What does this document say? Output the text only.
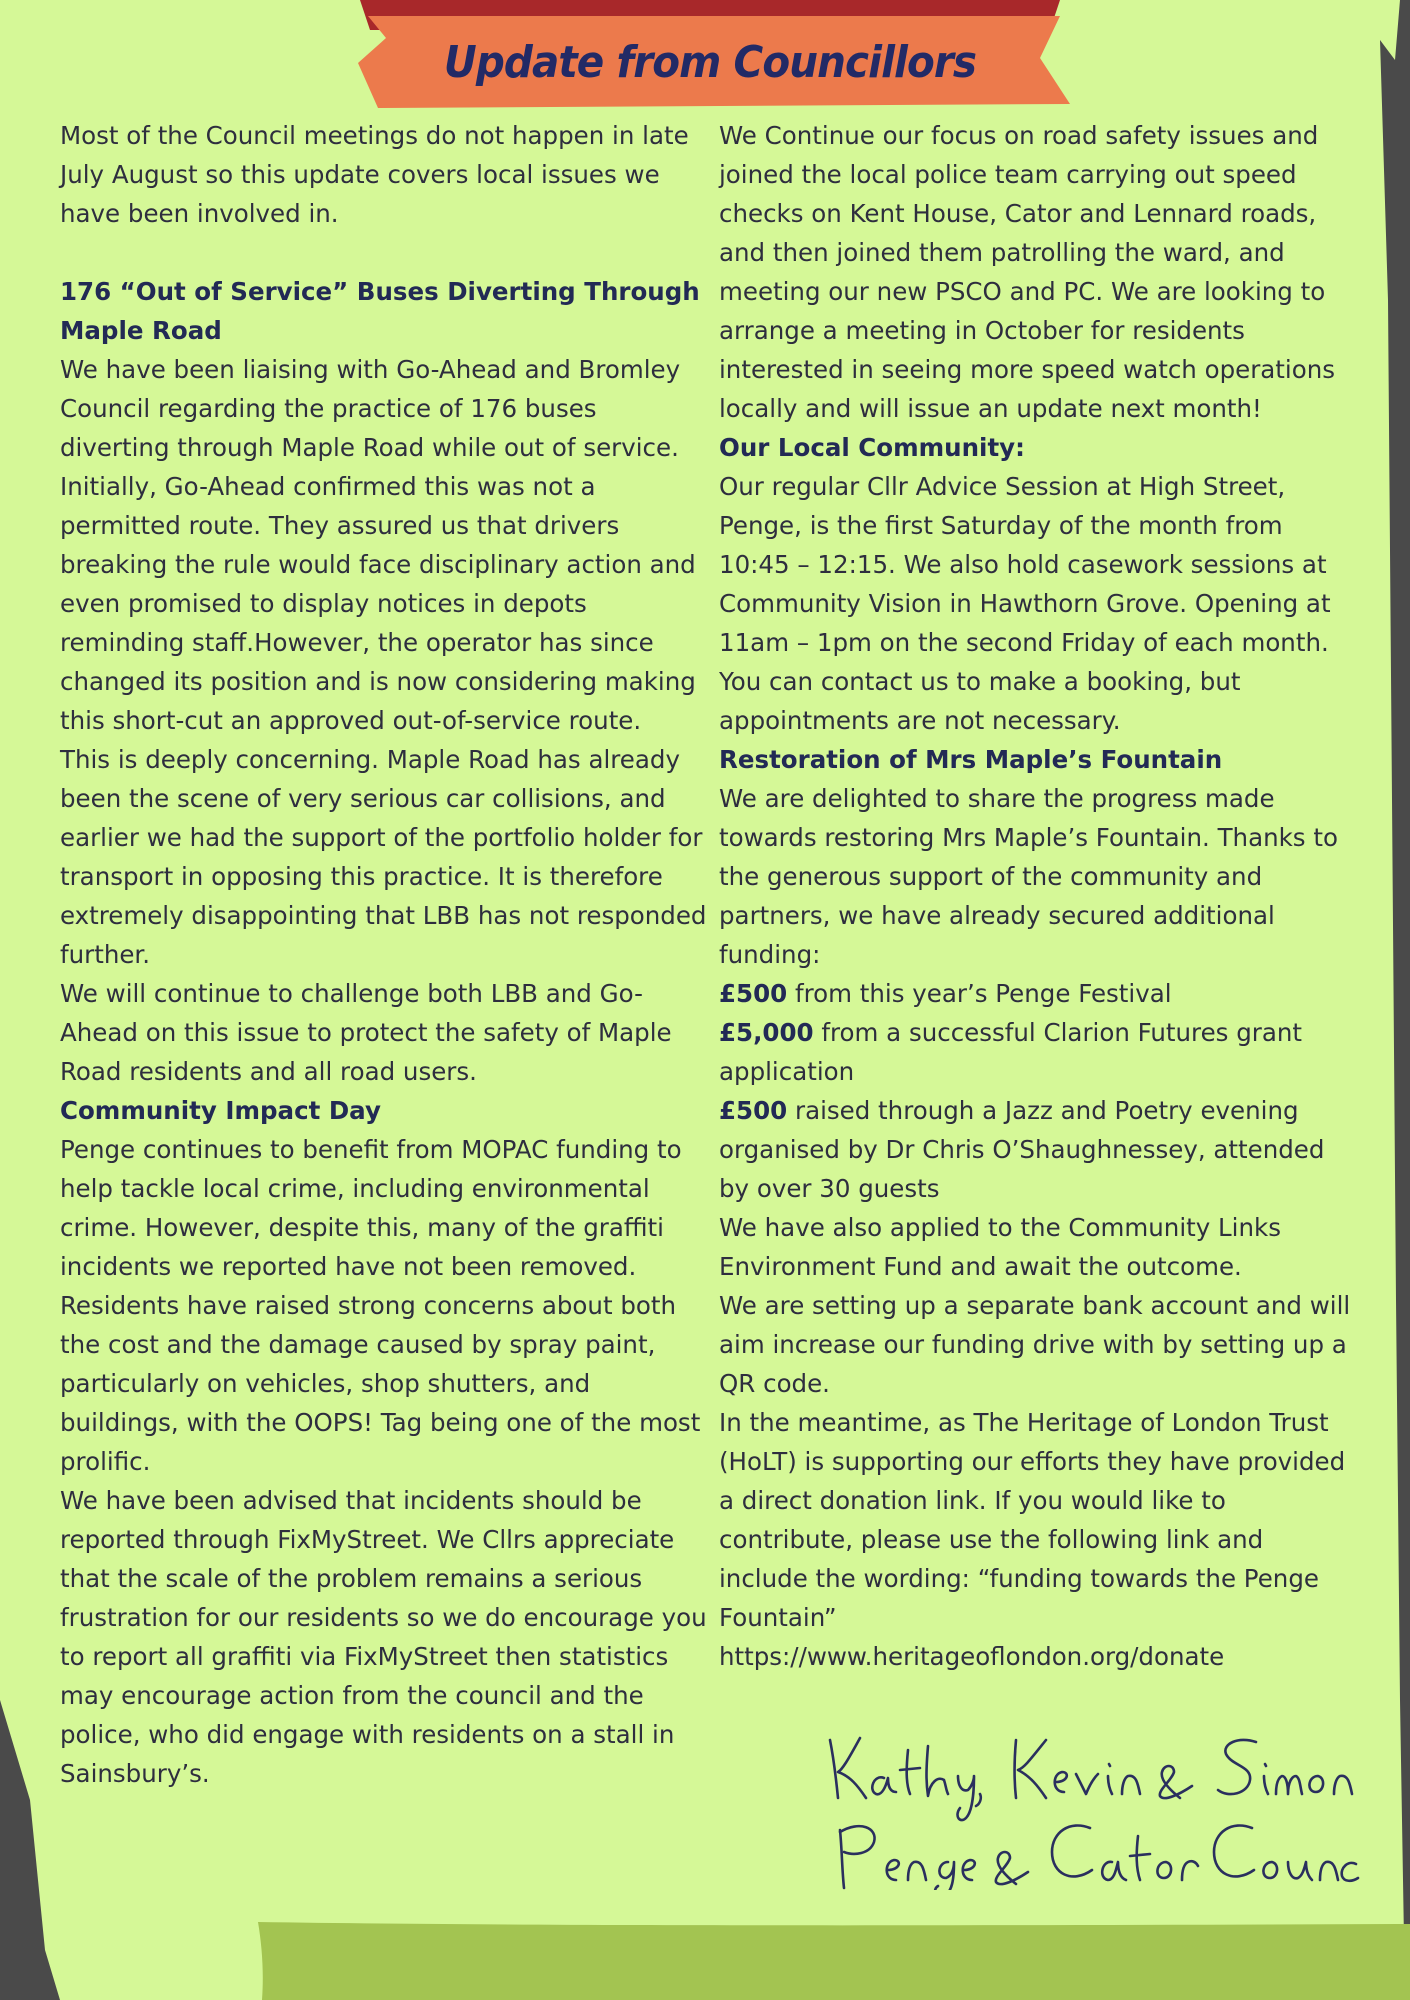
Update from Councillors

Most of the Council meetings do not happen in late July August so this update covers local issues we have been involved in.

176 “Out of Service” Buses Diverting Through Maple Road

We have been liaising with Go-Ahead and Bromley Council regarding the practice of 176 buses diverting through Maple Road while out of service. Initially, Go-Ahead confirmed this was not a permitted route. They assured us that drivers breaking the rule would face disciplinary action and even promised to display notices in depots reminding staff.However, the operator has since changed its position and is now considering making this short-cut an approved out-of-service route.

This is deeply concerning. Maple Road has already been the scene of very serious car collisions, and earlier we had the support of the portfolio holder for transport in opposing this practice. It is therefore extremely disappointing that LBB has not responded further.

We will continue to challenge both LBB and Go-Ahead on this issue to protect the safety of Maple Road residents and all road users.

Community Impact Day

Penge continues to benefit from MOPAC funding to help tackle local crime, including environmental crime. However, despite this, many of the graffiti incidents we reported have not been removed. Residents have raised strong concerns about both the cost and the damage caused by spray paint, particularly on vehicles, shop shutters, and buildings, with the OOPS! Tag being one of the most prolific.

We have been advised that incidents should be reported through FixMyStreet. We Cllrs appreciate that the scale of the problem remains a serious frustration for our residents so we do encourage you to report all graffiti via FixMyStreet then statistics may encourage action from the council and the police, who did engage with residents on a stall in Sainsbury’s.

We Continue our focus on road safety issues and joined the local police team carrying out speed checks on Kent House, Cator and Lennard roads, and then joined them patrolling the ward, and meeting our new PSCO and PC. We are looking to arrange a meeting in October for residents interested in seeing more speed watch operations locally and will issue an update next month!

Our Local Community:

Our regular Cllr Advice Session at High Street, Penge, is the first Saturday of the month from 10:45 – 12:15. We also hold casework sessions at Community Vision in Hawthorn Grove. Opening at 11am – 1pm on the second Friday of each month. You can contact us to make a booking, but appointments are not necessary.

Restoration of Mrs Maple’s Fountain

We are delighted to share the progress made towards restoring Mrs Maple’s Fountain. Thanks to the generous support of the community and partners, we have already secured additional funding:

£500 from this year’s Penge Festival

£5,000 from a successful Clarion Futures grant application

£500 raised through a Jazz and Poetry evening organised by Dr Chris O’Shaughnessey, attended by over 30 guests

We have also applied to the Community Links Environment Fund and await the outcome.

We are setting up a separate bank account and will aim increase our funding drive with by setting up a QR code.

In the meantime, as The Heritage of London Trust (HoLT) is supporting our efforts they have provided a direct donation link. If you would like to contribute, please use the following link and include the wording: “funding towards the Penge Fountain”

https://www.heritageoflondon.org/donate
